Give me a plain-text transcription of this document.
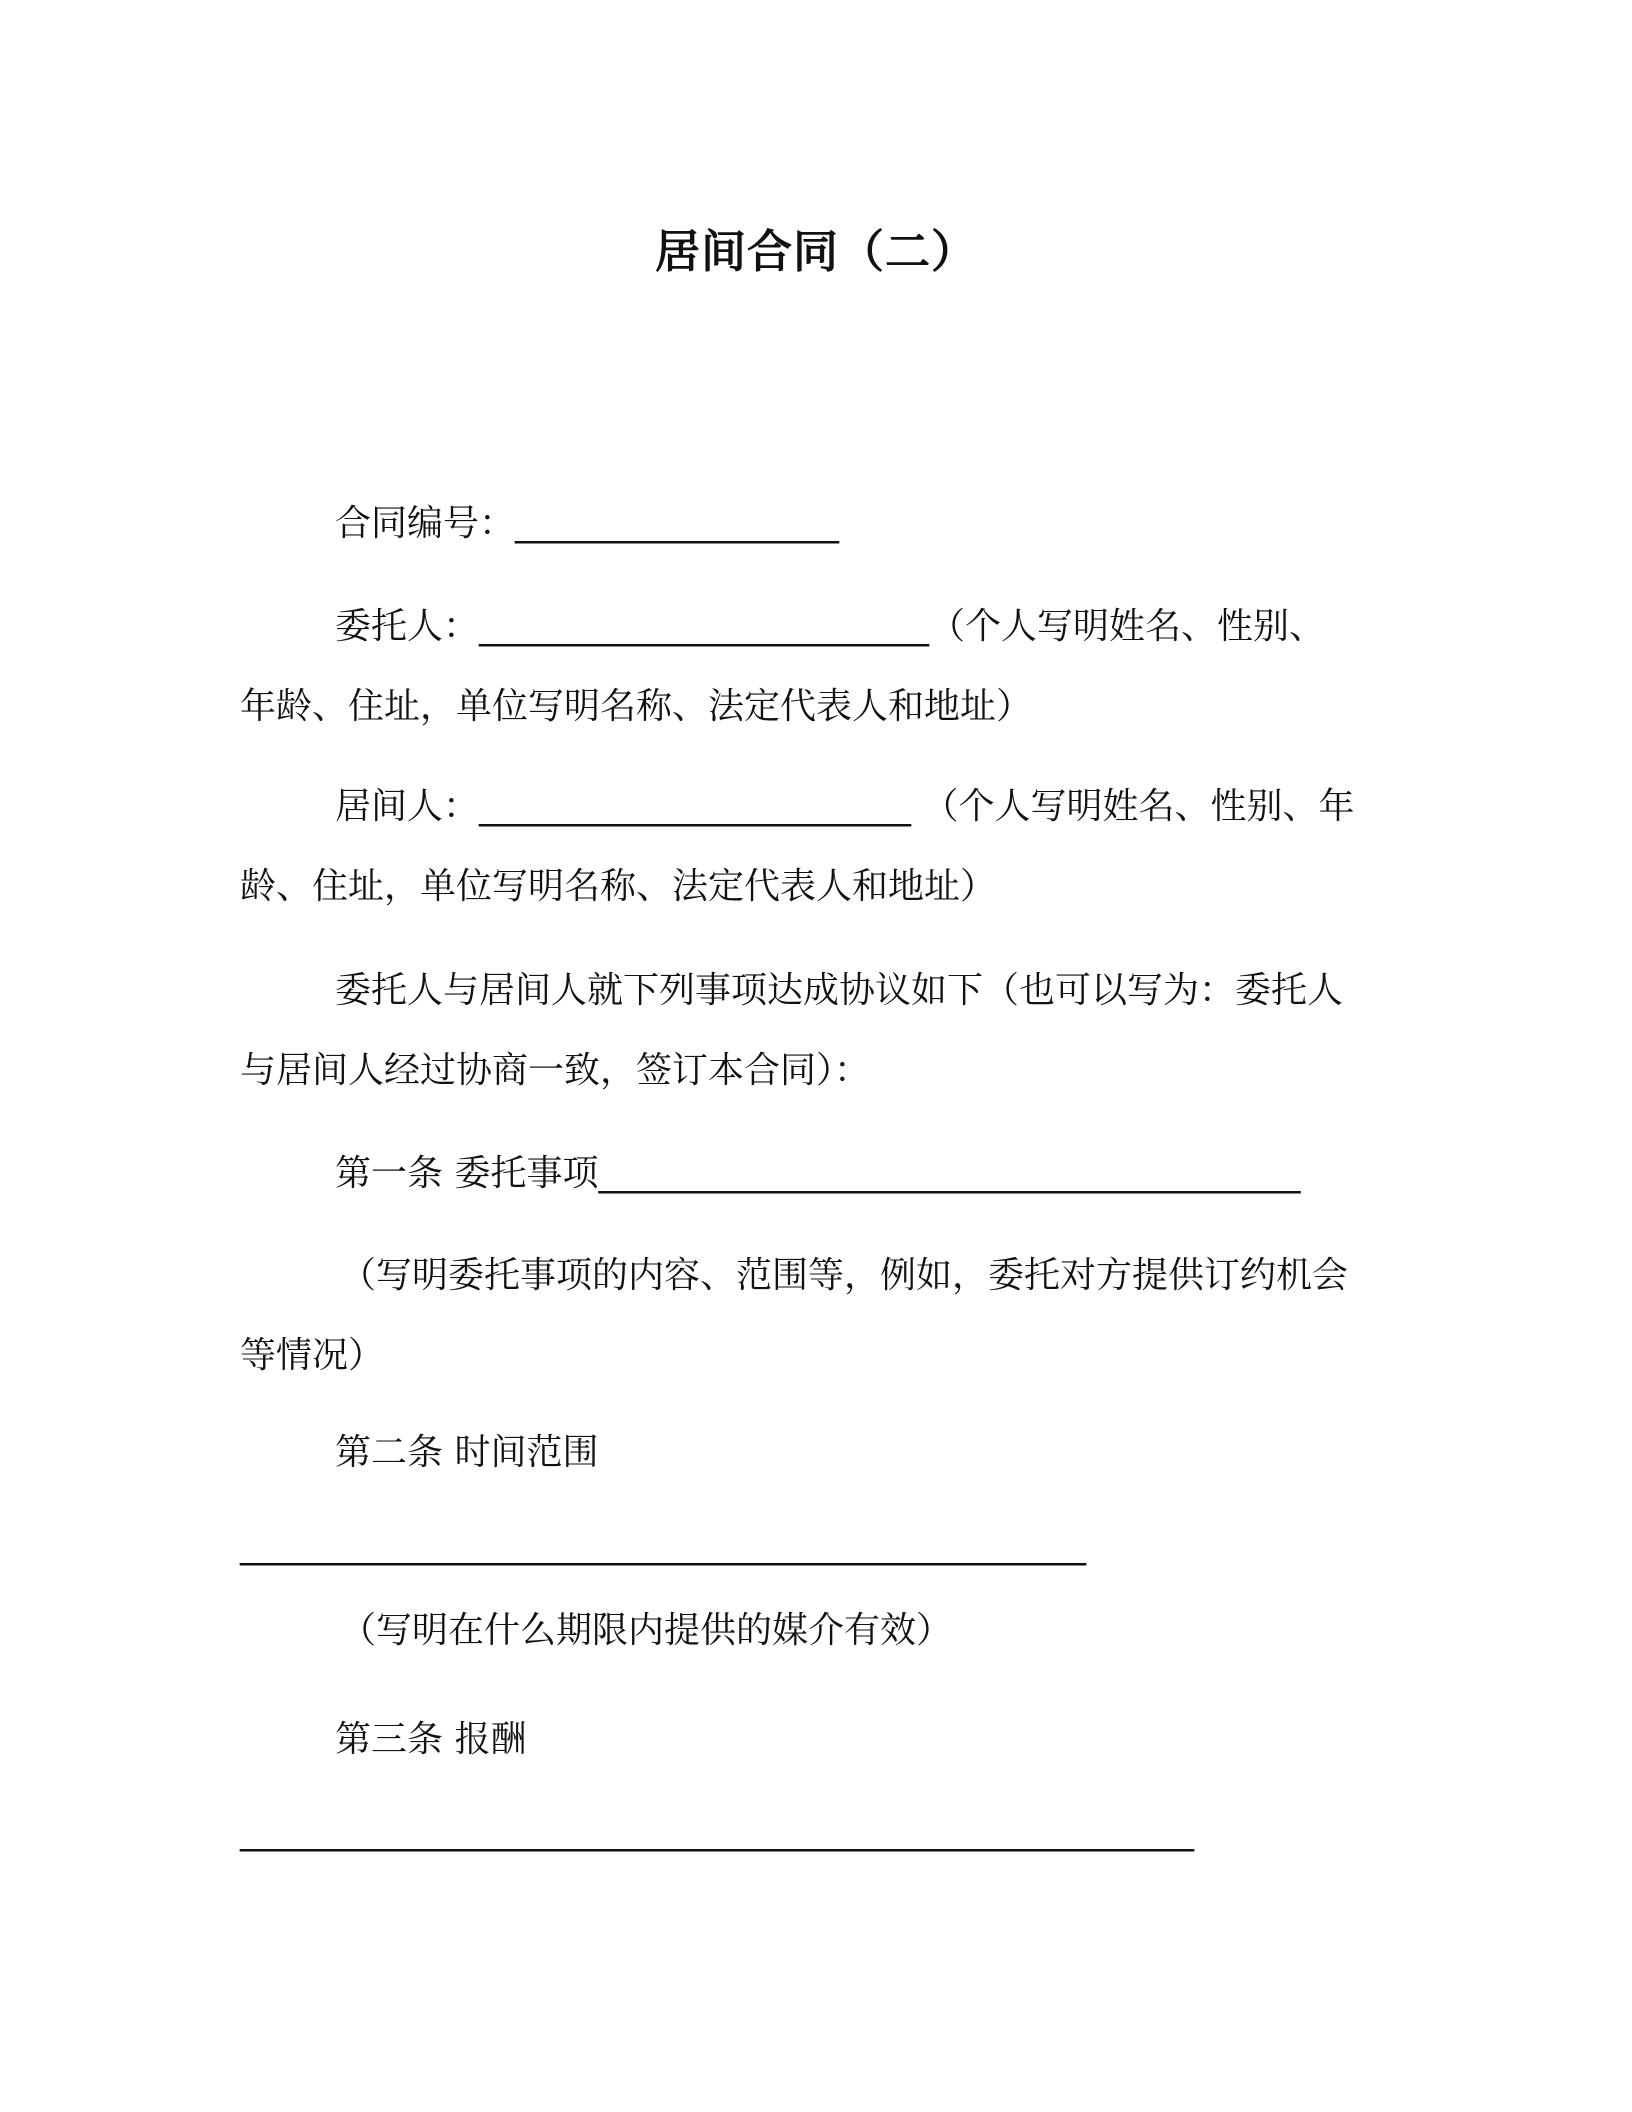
居间合同（二）
合同编号：__________________
委托人：_________________________（个人写明姓名、性别、
年龄、住址，单位写明名称、法定代表人和地址）
居间人：________________________ （个人写明姓名、性别、年
龄、住址，单位写明名称、法定代表人和地址）
委托人与居间人就下列事项达成协议如下（也可以写为：委托人
与居间人经过协商一致，签订本合同）：
第一条 委托事项_______________________________________
（写明委托事项的内容、范围等，例如，委托对方提供订约机会
等情况）
第二条 时间范围
_______________________________________________
（写明在什么期限内提供的媒介有效）
第三条 报酬
_____________________________________________________
